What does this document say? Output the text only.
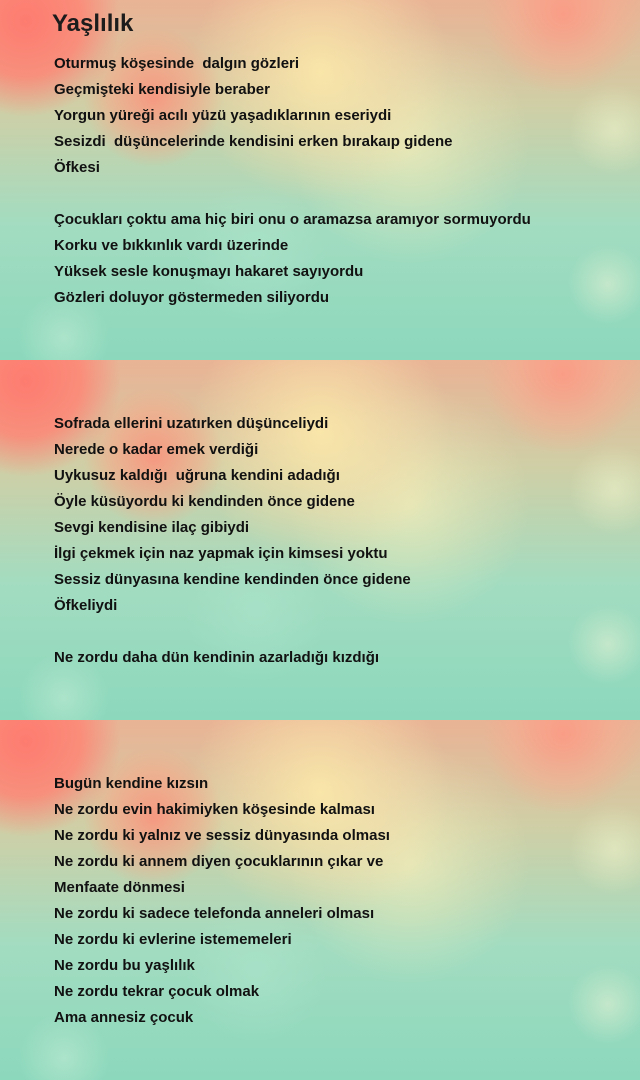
Yaşlılık
Oturmuş köşesinde  dalgın gözleri
Geçmişteki kendisiyle beraber
Yorgun yüreği acılı yüzü yaşadıklarının eseriydi
Sesizdi  düşüncelerinde kendisini erken bırakaıp gidene
Öfkesi
Çocukları çoktu ama hiç biri onu o aramazsa aramıyor sormuyordu
Korku ve bıkkınlık vardı üzerinde
Yüksek sesle konuşmayı hakaret sayıyordu
Gözleri doluyor göstermeden siliyordu
Sofrada ellerini uzatırken düşünceliydi
Nerede o kadar emek verdiği
Uykusuz kaldığı  uğruna kendini adadığı
Öyle küsüyordu ki kendinden önce gidene
Sevgi kendisine ilaç gibiydi
İlgi çekmek için naz yapmak için kimsesi yoktu
Sessiz dünyasına kendine kendinden önce gidene
Öfkeliydi
Ne zordu daha dün kendinin azarladığı kızdığı
Bugün kendine kızsın
Ne zordu evin hakimiyken köşesinde kalması
Ne zordu ki yalnız ve sessiz dünyasında olması
Ne zordu ki annem diyen çocuklarının çıkar ve
Menfaate dönmesi
Ne zordu ki sadece telefonda anneleri olması
Ne zordu ki evlerine istememeleri
Ne zordu bu yaşlılık
Ne zordu tekrar çocuk olmak
Ama annesiz çocuk
